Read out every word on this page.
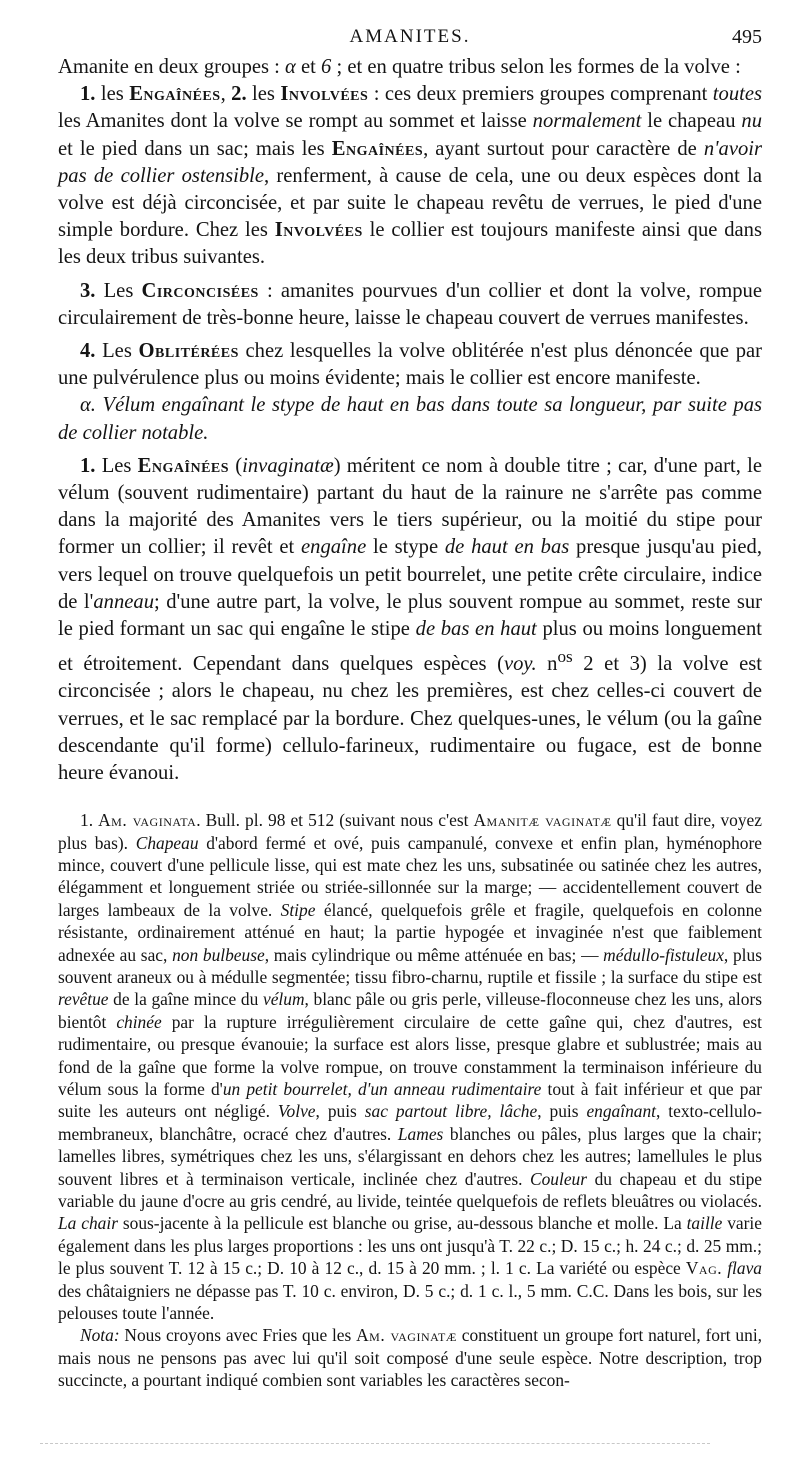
AMANITES.	495

Amanite en deux groupes : α et 6 ; et en quatre tribus selon les formes de la volve :

1. les Engaînées, 2. les Involvées : ces deux premiers groupes comprenant toutes les Amanites dont la volve se rompt au sommet et laisse normalement le chapeau nu et le pied dans un sac; mais les Engaînées, ayant surtout pour caractère de n'avoir pas de collier ostensible, renferment, à cause de cela, une ou deux espèces dont la volve est déjà circoncisée, et par suite le chapeau revêtu de verrues, le pied d'une simple bordure. Chez les Involvées le collier est toujours manifeste ainsi que dans les deux tribus suivantes.

3. Les Circoncisées : amanites pourvues d'un collier et dont la volve, rompue circulairement de très-bonne heure, laisse le chapeau couvert de verrues manifestes.

4. Les Oblitérées chez lesquelles la volve oblitérée n'est plus dénoncée que par une pulvérulence plus ou moins évidente; mais le collier est encore manifeste.

α. Vélum engaînant le stype de haut en bas dans toute sa longueur, par suite pas de collier notable.

1. Les Engaînées (invaginatæ) méritent ce nom à double titre ; car, d'une part, le vélum (souvent rudimentaire) partant du haut de la rainure ne s'arrête pas comme dans la majorité des Amanites vers le tiers supérieur, ou la moitié du stipe pour former un collier; il revêt et engaîne le stype de haut en bas presque jusqu'au pied, vers lequel on trouve quelquefois un petit bourrelet, une petite crête circulaire, indice de l'anneau; d'une autre part, la volve, le plus souvent rompue au sommet, reste sur le pied formant un sac qui engaîne le stipe de bas en haut plus ou moins longuement et étroitement. Cependant dans quelques espèces (voy. $n^{os}$ 2 et 3) la volve est circoncisée ; alors le chapeau, nu chez les premières, est chez celles-ci couvert de verrues, et le sac remplacé par la bordure. Chez quelques-unes, le vélum (ou la gaîne descendante qu'il forme) cellulo-farineux, rudimentaire ou fugace, est de bonne heure évanoui.

1. Am. vaginata. Bull. pl. 98 et 512 (suivant nous c'est Amanitæ vaginatæ qu'il faut dire, voyez plus bas). Chapeau d'abord fermé et ové, puis campanulé, convexe et enfin plan, hyménophore mince, couvert d'une pellicule lisse, qui est mate chez les uns, subsatinée ou satinée chez les autres, élégamment et longuement striée ou striée-sillonnée sur la marge; — accidentellement couvert de larges lambeaux de la volve. Stipe élancé, quelquefois grêle et fragile, quelquefois en colonne résistante, ordinairement atténué en haut; la partie hypogée et invaginée n'est que faiblement adnexée au sac, non bulbeuse, mais cylindrique ou même atténuée en bas; — médullo-fistuleux, plus souvent araneux ou à médulle segmentée; tissu fibro-charnu, ruptile et fissile ; la surface du stipe est revêtue de la gaîne mince du vélum, blanc pâle ou gris perle, villeuse-floconneuse chez les uns, alors bientôt chinée par la rupture irrégulièrement circulaire de cette gaîne qui, chez d'autres, est rudimentaire, ou presque évanouie; la surface est alors lisse, presque glabre et sublustrée; mais au fond de la gaîne que forme la volve rompue, on trouve constamment la terminaison inférieure du vélum sous la forme d'un petit bourrelet, d'un anneau rudimentaire tout à fait inférieur et que par suite les auteurs ont négligé. Volve, puis sac partout libre, lâche, puis engaînant, texto-cellulo-membraneux, blanchâtre, ocracé chez d'autres. Lames blanches ou pâles, plus larges que la chair; lamelles libres, symétriques chez les uns, s'élargissant en dehors chez les autres; lamellules le plus souvent libres et à terminaison verticale, inclinée chez d'autres. Couleur du chapeau et du stipe variable du jaune d'ocre au gris cendré, au livide, teintée quelquefois de reflets bleuâtres ou violacés. La chair sous-jacente à la pellicule est blanche ou grise, au-dessous blanche et molle. La taille varie également dans les plus larges proportions : les uns ont jusqu'à T. 22 c.; D. 15 c.; h. 24 c.; d. 25 mm.; le plus souvent T. 12 à 15 c.; D. 10 à 12 c., d. 15 à 20 mm. ; l. 1 c. La variété ou espèce Vag. flava des châtaigniers ne dépasse pas T. 10 c. environ, D. 5 c.; d. 1 c. l., 5 mm. C.C. Dans les bois, sur les pelouses toute l'année.

Nota: Nous croyons avec Fries que les Am. vaginatæ constituent un groupe fort naturel, fort uni, mais nous ne pensons pas avec lui qu'il soit composé d'une seule espèce. Notre description, trop succincte, a pourtant indiqué combien sont variables les caractères secon-
